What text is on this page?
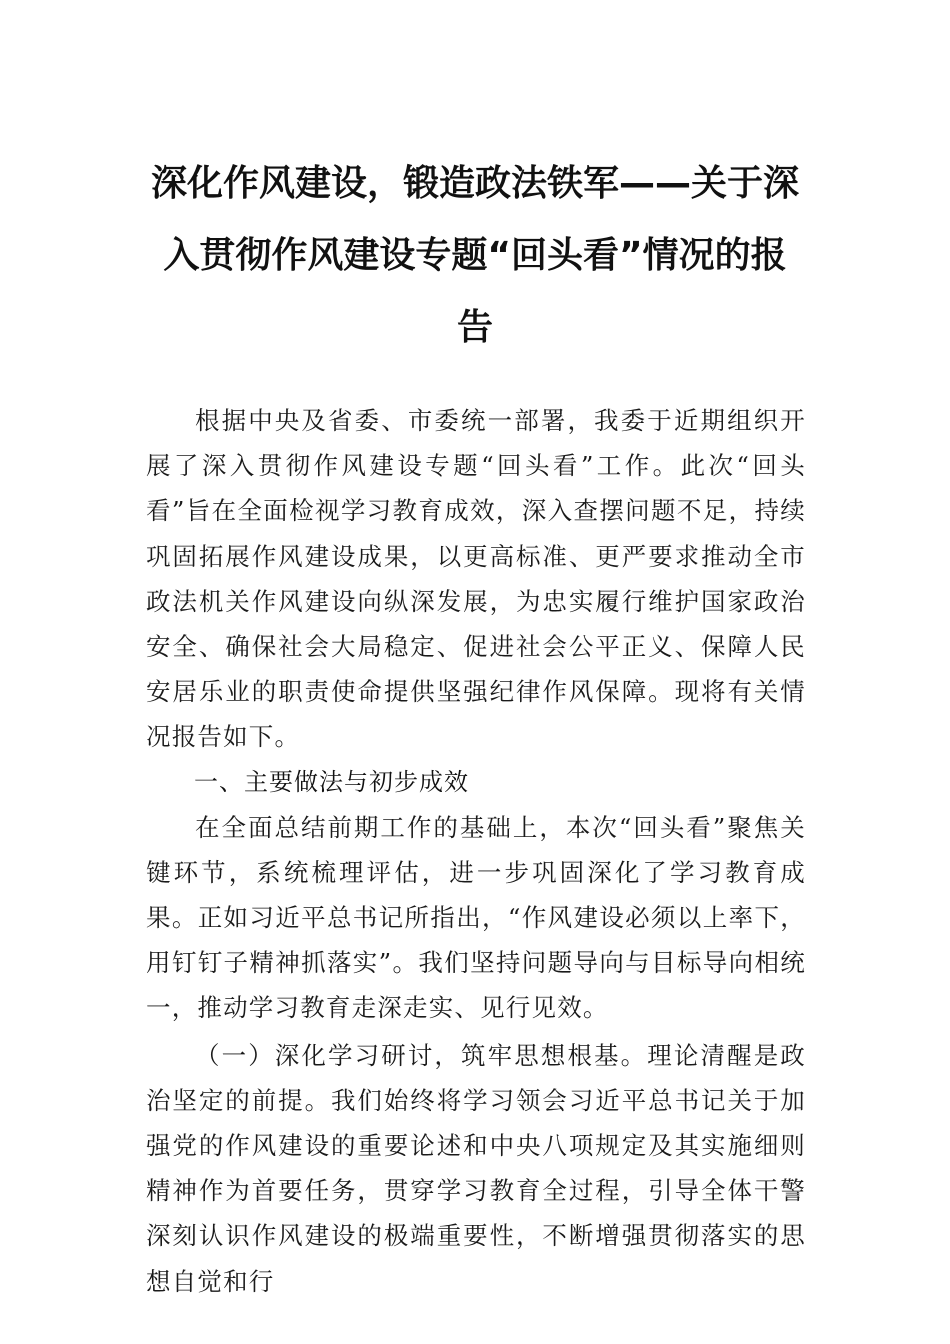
深化作风建设，锻造政法铁军——关于深入贯彻作风建设专题“回头看”情况的报告

根据中央及省委、市委统一部署，我委于近期组织开展了深入贯彻作风建设专题“回头看”工作。此次“回头看”旨在全面检视学习教育成效，深入查摆问题不足，持续巩固拓展作风建设成果，以更高标准、更严要求推动全市政法机关作风建设向纵深发展，为忠实履行维护国家政治安全、确保社会大局稳定、促进社会公平正义、保障人民安居乐业的职责使命提供坚强纪律作风保障。现将有关情况报告如下。

一、主要做法与初步成效

在全面总结前期工作的基础上，本次“回头看”聚焦关键环节，系统梳理评估，进一步巩固深化了学习教育成果。正如习近平总书记所指出，“作风建设必须以上率下，用钉钉子精神抓落实”。我们坚持问题导向与目标导向相统一，推动学习教育走深走实、见行见效。

（一）深化学习研讨，筑牢思想根基。理论清醒是政治坚定的前提。我们始终将学习领会习近平总书记关于加强党的作风建设的重要论述和中央八项规定及其实施细则精神作为首要任务，贯穿学习教育全过程，引导全体干警深刻认识作风建设的极端重要性，不断增强贯彻落实的思想自觉和行
